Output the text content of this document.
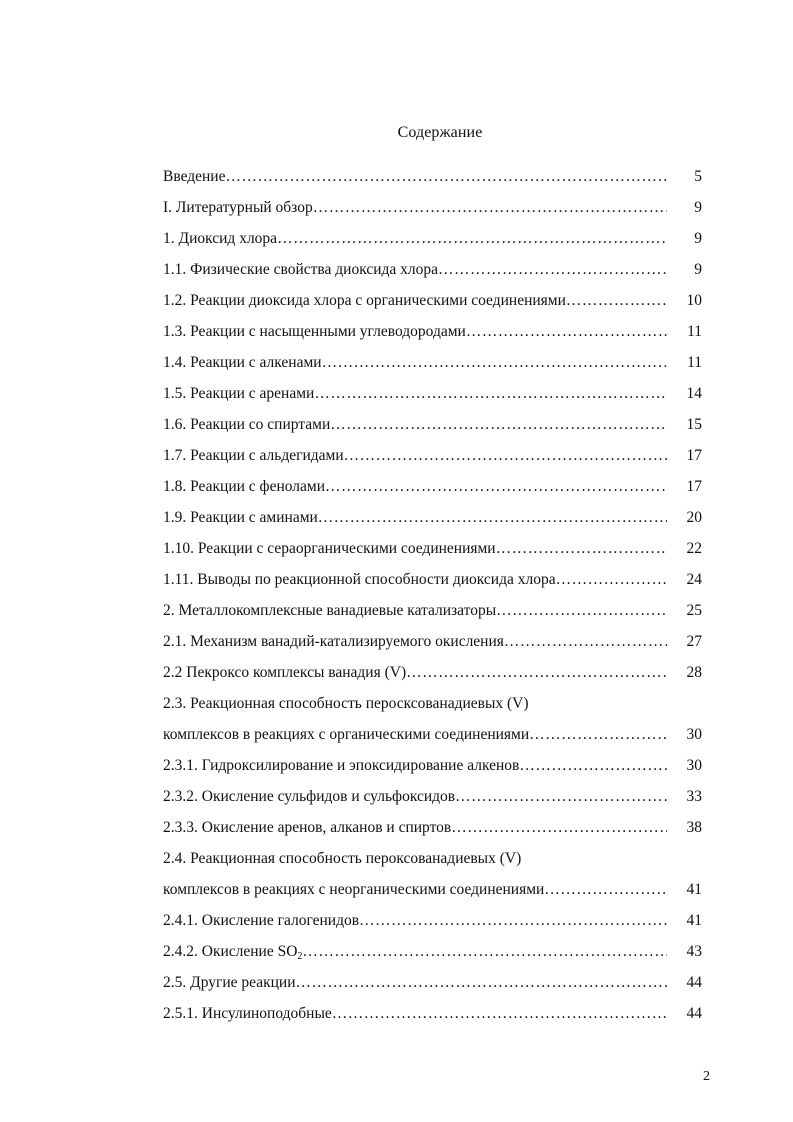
Содержание
Введение ……………………………………………………………………………………………………………………………………	5
I. Литературный обзор ……………………………………………………………………………………………………………………………………	9
1. Диоксид хлора ……………………………………………………………………………………………………………………………………	9
1.1. Физические свойства диоксида хлора ……………………………………………………………………………………………………………………………………	9
1.2. Реакции диоксида хлора с органическими соединениями ……………………………………………………………………………………………………………………………………	10
1.3. Реакции с насыщенными углеводородами ……………………………………………………………………………………………………………………………………	11
1.4. Реакции с алкенами ……………………………………………………………………………………………………………………………………	11
1.5. Реакции с аренами ……………………………………………………………………………………………………………………………………	14
1.6. Реакции со спиртами ……………………………………………………………………………………………………………………………………	15
1.7. Реакции с альдегидами ……………………………………………………………………………………………………………………………………	17
1.8. Реакции с фенолами ……………………………………………………………………………………………………………………………………	17
1.9. Реакции с аминами ……………………………………………………………………………………………………………………………………	20
1.10. Реакции с сераорганическими соединениями ……………………………………………………………………………………………………………………………………	22
1.11. Выводы по реакционной способности диоксида хлора ……………………………………………………………………………………………………………………………………	24
2. Металлокомплексные ванадиевые катализаторы ……………………………………………………………………………………………………………………………………	25
2.1. Механизм ванадий-катализируемого окисления ……………………………………………………………………………………………………………………………………	27
2.2 Пекроксо комплексы ванадия (V) ……………………………………………………………………………………………………………………………………	28
2.3. Реакционная способность перосксованадиевых (V)
комплексов в реакциях с органическими соединениями ……………………………………………………………………………………………………………………………………	30
2.3.1. Гидроксилирование и эпоксидирование алкенов ……………………………………………………………………………………………………………………………………	30
2.3.2. Окисление сульфидов и сульфоксидов ……………………………………………………………………………………………………………………………………	33
2.3.3. Окисление аренов, алканов и спиртов ……………………………………………………………………………………………………………………………………	38
2.4. Реакционная способность пероксованадиевых (V)
комплексов в реакциях с неорганическими соединениями ……………………………………………………………………………………………………………………………………	41
2.4.1. Окисление галогенидов ……………………………………………………………………………………………………………………………………	41
2.4.2. Окисление $SO_2$ ……………………………………………………………………………………………………………………………………	43
2.5. Другие реакции ……………………………………………………………………………………………………………………………………	44
2.5.1. Инсулиноподобные ……………………………………………………………………………………………………………………………………	44
2
